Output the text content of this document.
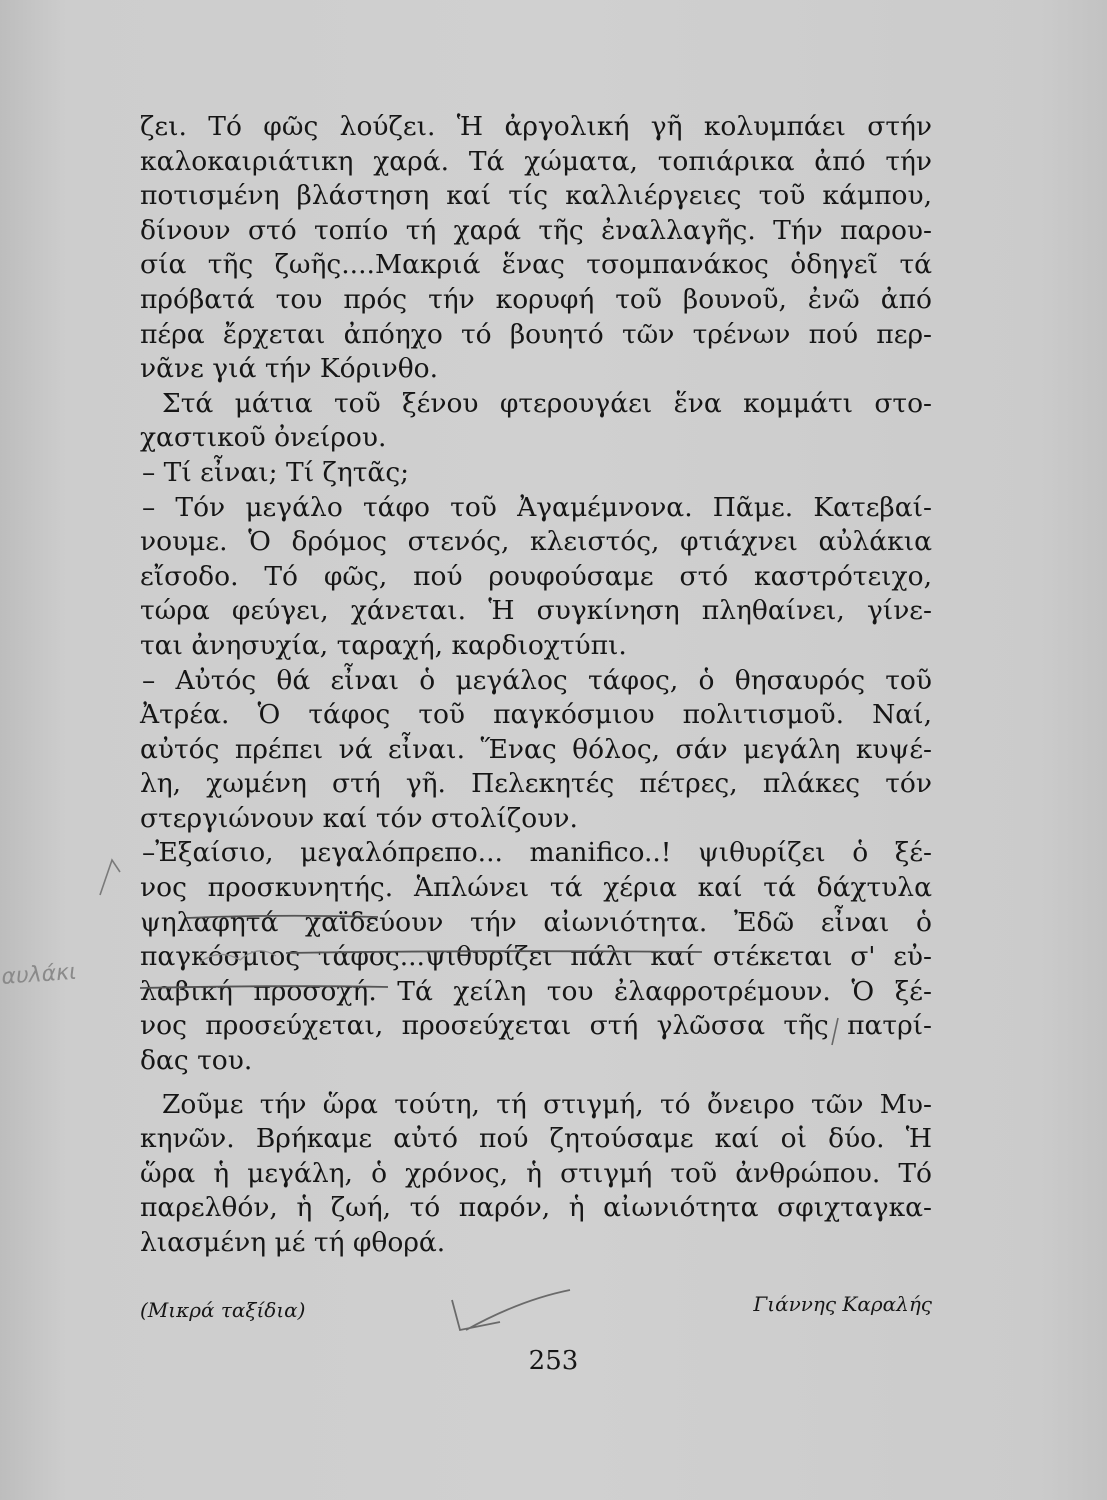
ζει. Τό φῶς λούζει. Ἡ ἀργολική γῆ κολυμπάει στήν
καλοκαιριάτικη χαρά. Τά χώματα, τοπιάρικα ἀπό τήν
ποτισμένη βλάστηση καί τίς καλλιέργειες τοῦ κάμπου,
δίνουν στό τοπίο τή χαρά τῆς ἐναλλαγῆς. Τήν παρου-
σία τῆς ζωῆς....Μακριά ἕνας τσομπανάκος ὁδηγεῖ τά
πρόβατά του πρός τήν κορυφή τοῦ βουνοῦ, ἐνῶ ἀπό
πέρα ἔρχεται ἀπόηχο τό βουητό τῶν τρένων πού περ-
νᾶνε γιά τήν Κόρινθο.
Στά μάτια τοῦ ξένου φτερουγάει ἕνα κομμάτι στο-
χαστικοῦ ὀνείρου.
– Τί εἶναι; Τί ζητᾶς;
– Τόν μεγάλο τάφο τοῦ Ἀγαμέμνονα. Πᾶμε. Κατεβαί-
νουμε. Ὁ δρόμος στενός, κλειστός, φτιάχνει αὐλάκια
εἴσοδο. Τό φῶς, πού ρουφούσαμε στό καστρότειχο,
τώρα φεύγει, χάνεται. Ἡ συγκίνηση πληθαίνει, γίνε-
ται ἀνησυχία, ταραχή, καρδιοχτύπι.
– Αὐτός θά εἶναι ὁ μεγάλος τάφος, ὁ θησαυρός τοῦ
Ἀτρέα. Ὁ τάφος τοῦ παγκόσμιου πολιτισμοῦ. Ναί,
αὐτός πρέπει νά εἶναι. Ἕνας θόλος, σάν μεγάλη κυψέ-
λη, χωμένη στή γῆ. Πελεκητές πέτρες, πλάκες τόν
στεργιώνουν καί τόν στολίζουν.
–Ἐξαίσιο, μεγαλόπρεπο... manifico..! ψιθυρίζει ὁ ξέ-
νος προσκυνητής. Ἁπλώνει τά χέρια καί τά δάχτυλα
ψηλαφητά χαϊδεύουν τήν αἰωνιότητα. Ἐδῶ εἶναι ὁ
παγκόσμιος τάφος...ψιθυρίζει πάλι καί στέκεται σ' εὐ-
λαβική προσοχή. Τά χείλη του ἐλαφροτρέμουν. Ὁ ξέ-
νος προσεύχεται, προσεύχεται στή γλῶσσα τῆς πατρί-
δας του.
Ζοῦμε τήν ὥρα τούτη, τή στιγμή, τό ὄνειρο τῶν Μυ-
κηνῶν. Βρήκαμε αὐτό πού ζητούσαμε καί οἱ δύο. Ἡ
ὥρα ἡ μεγάλη, ὁ χρόνος, ἡ στιγμή τοῦ ἀνθρώπου. Τό
παρελθόν, ἡ ζωή, τό παρόν, ἡ αἰωνιότητα σφιχταγκα-
λιασμένη μέ τή φθορά.
(Μικρά ταξίδια)	Γιάννης Καραλής
253
αυλάκι
